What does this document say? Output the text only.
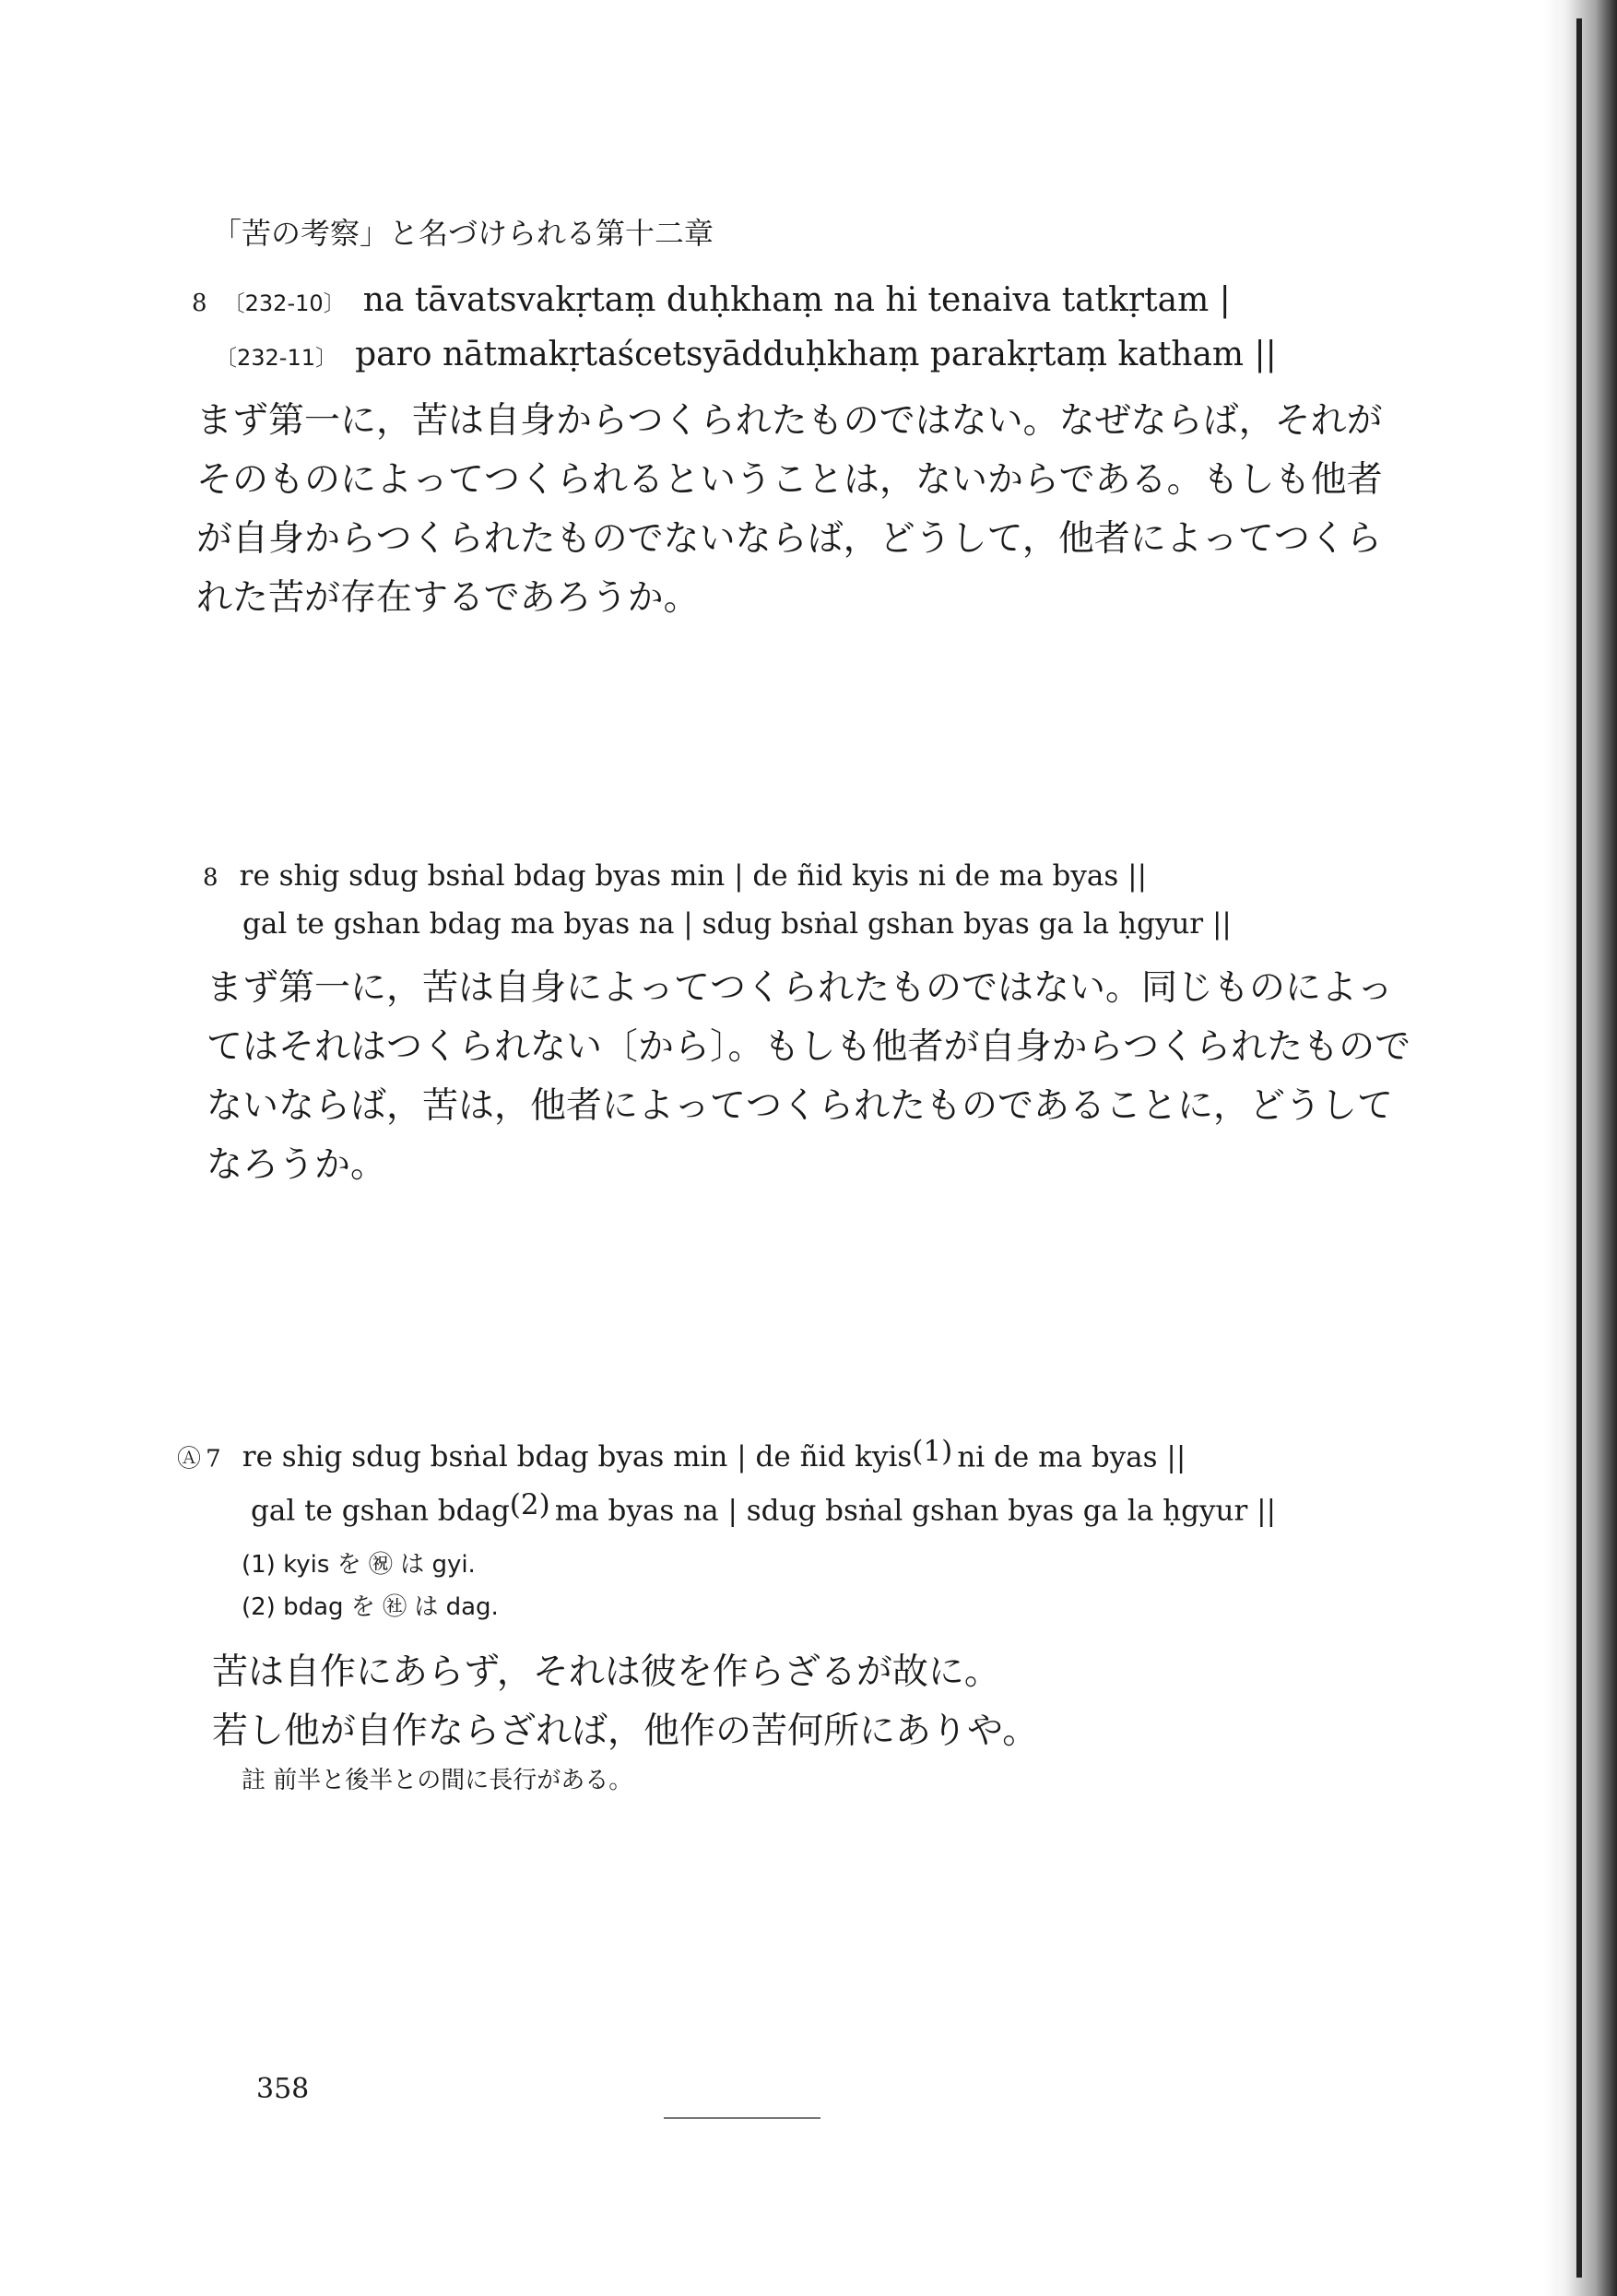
「苦の考察」と名づけられる第十二章
8 〔232-10〕 na tāvatsvakṛtaṃ duḥkhaṃ na hi tenaiva tatkṛtam |
〔232-11〕 paro nātmakṛtaścetsyādduḥkhaṃ parakṛtaṃ katham ||
まず第一に，苦は自身からつくられたものではない。なぜならば，それがそのものによってつくられるということは，ないからである。もしも他者が自身からつくられたものでないならば，どうして，他者によってつくられた苦が存在するであろうか。
8 re shig sdug bsṅal bdag byas min | de ñid kyis ni de ma byas ||
gal te gshan bdag ma byas na | sdug bsṅal gshan byas ga la ḥgyur ||
まず第一に，苦は自身によってつくられたものではない。同じものによってはそれはつくられない〔から〕。もしも他者が自身からつくられたものでないならば，苦は，他者によってつくられたものであることに，どうしてなろうか。
Ⓐ 7 re shig sdug bsṅal bdag byas min | de ñid kyis$^{(1)}$ ni de ma byas ||
gal te gshan bdag$^{(2)}$ ma byas na | sdug bsṅal gshan byas ga la ḥgyur ||
(1) kyis を ㊗ は gyi.
(2) bdag を ㊓ は dag.
苦は自作にあらず，それは彼を作らざるが故に。
若し他が自作ならざれば，他作の苦何所にありや。
註 前半と後半との間に長行がある。
358
